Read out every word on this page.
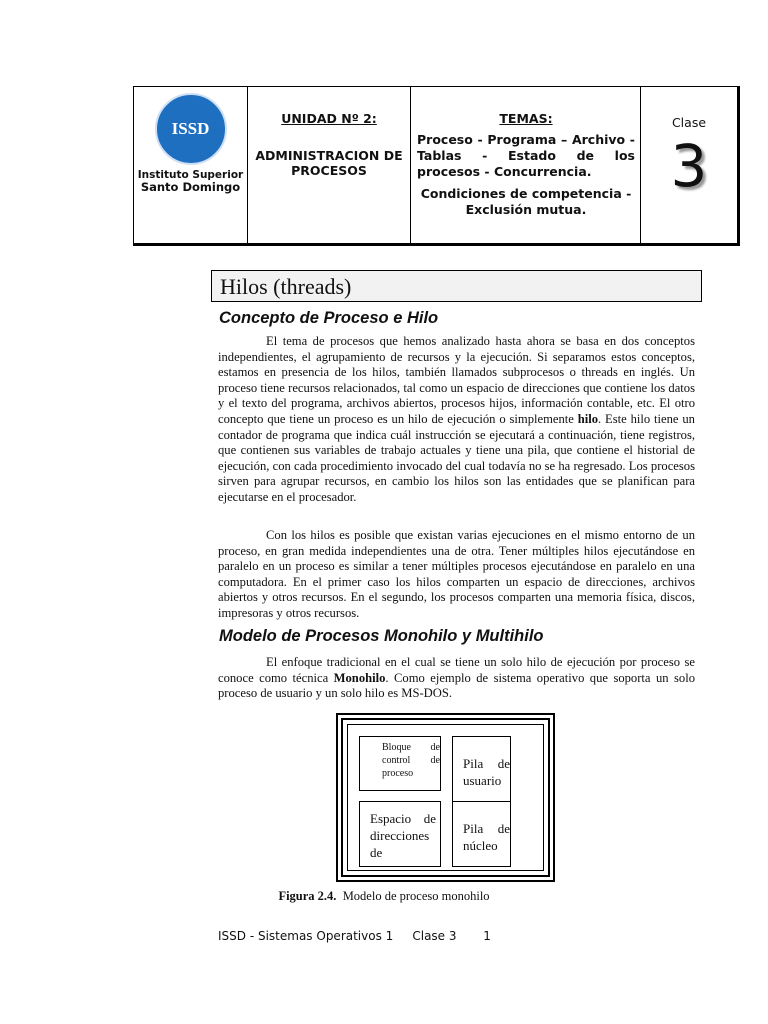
ISSD
Instituto Superior
Santo Domingo
UNIDAD Nº 2:
ADMINISTRACION DE PROCESOS
TEMAS:
Proceso - Programa – Archivo - Tablas - Estado de los procesos - Concurrencia.
Condiciones de competencia - Exclusión mutua.
Clase
3
Hilos (threads)
Concepto de Proceso e Hilo

El tema de procesos que hemos analizado hasta ahora se basa en dos conceptos independientes, el agrupamiento de recursos y la ejecución. Si separamos estos conceptos, estamos en presencia de los hilos, también llamados subprocesos o threads en inglés. Un proceso tiene recursos relacionados, tal como un espacio de direcciones que contiene los datos y el texto del programa, archivos abiertos, procesos hijos, información contable, etc. El otro concepto que tiene un proceso es un hilo de ejecución o simplemente hilo. Este hilo tiene un contador de programa que indica cuál instrucción se ejecutará a continuación, tiene registros, que contienen sus variables de trabajo actuales y tiene una pila, que contiene el historial de ejecución, con cada procedimiento invocado del cual todavía no se ha regresado. Los procesos sirven para agrupar recursos, en cambio los hilos son las entidades que se planifican para ejecutarse en el procesador.

Con los hilos es posible que existan varias ejecuciones en el mismo entorno de un proceso, en gran medida independientes una de otra. Tener múltiples hilos ejecutándose en paralelo en un proceso es similar a tener múltiples procesos ejecutándose en paralelo en una computadora. En el primer caso los hilos comparten un espacio de direcciones, archivos abiertos y otros recursos. En el segundo, los procesos comparten una memoria física, discos, impresoras y otros recursos.

Modelo de Procesos Monohilo y Multihilo

El enfoque tradicional en el cual se tiene un solo hilo de ejecución por proceso se conoce como técnica Monohilo. Como ejemplo de sistema operativo que soporta un solo proceso de usuario y un solo hilo es MS-DOS.

Bloque de control de proceso
Pila de usuario
Espacio de direcciones de
Pila de núcleo
Figura 2.4. Modelo de proceso monohilo
ISSD - Sistemas Operativos 1     Clase 3       1
